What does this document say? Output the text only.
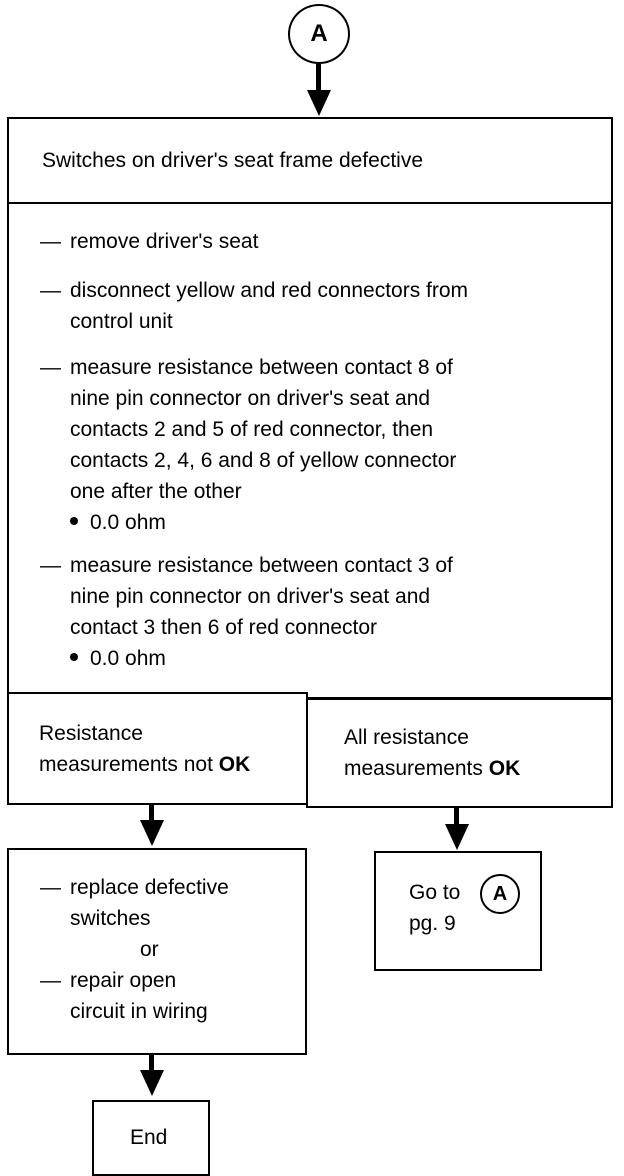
A
Switches on driver's seat frame defective
— remove driver's seat
— disconnect yellow and red connectors from
control unit
— measure resistance between contact 8 of
nine pin connector on driver's seat and
contacts 2 and 5 of red connector, then
contacts 2, 4, 6 and 8 of yellow connector
one after the other
0.0 ohm
— measure resistance between contact 3 of
nine pin connector on driver's seat and
contact 3 then 6 of red connector
0.0 ohm
Resistance
measurements not OK
All resistance
measurements OK
— replace defective
switches
or
— repair open
circuit in wiring
Go to A
pg. 9
End
